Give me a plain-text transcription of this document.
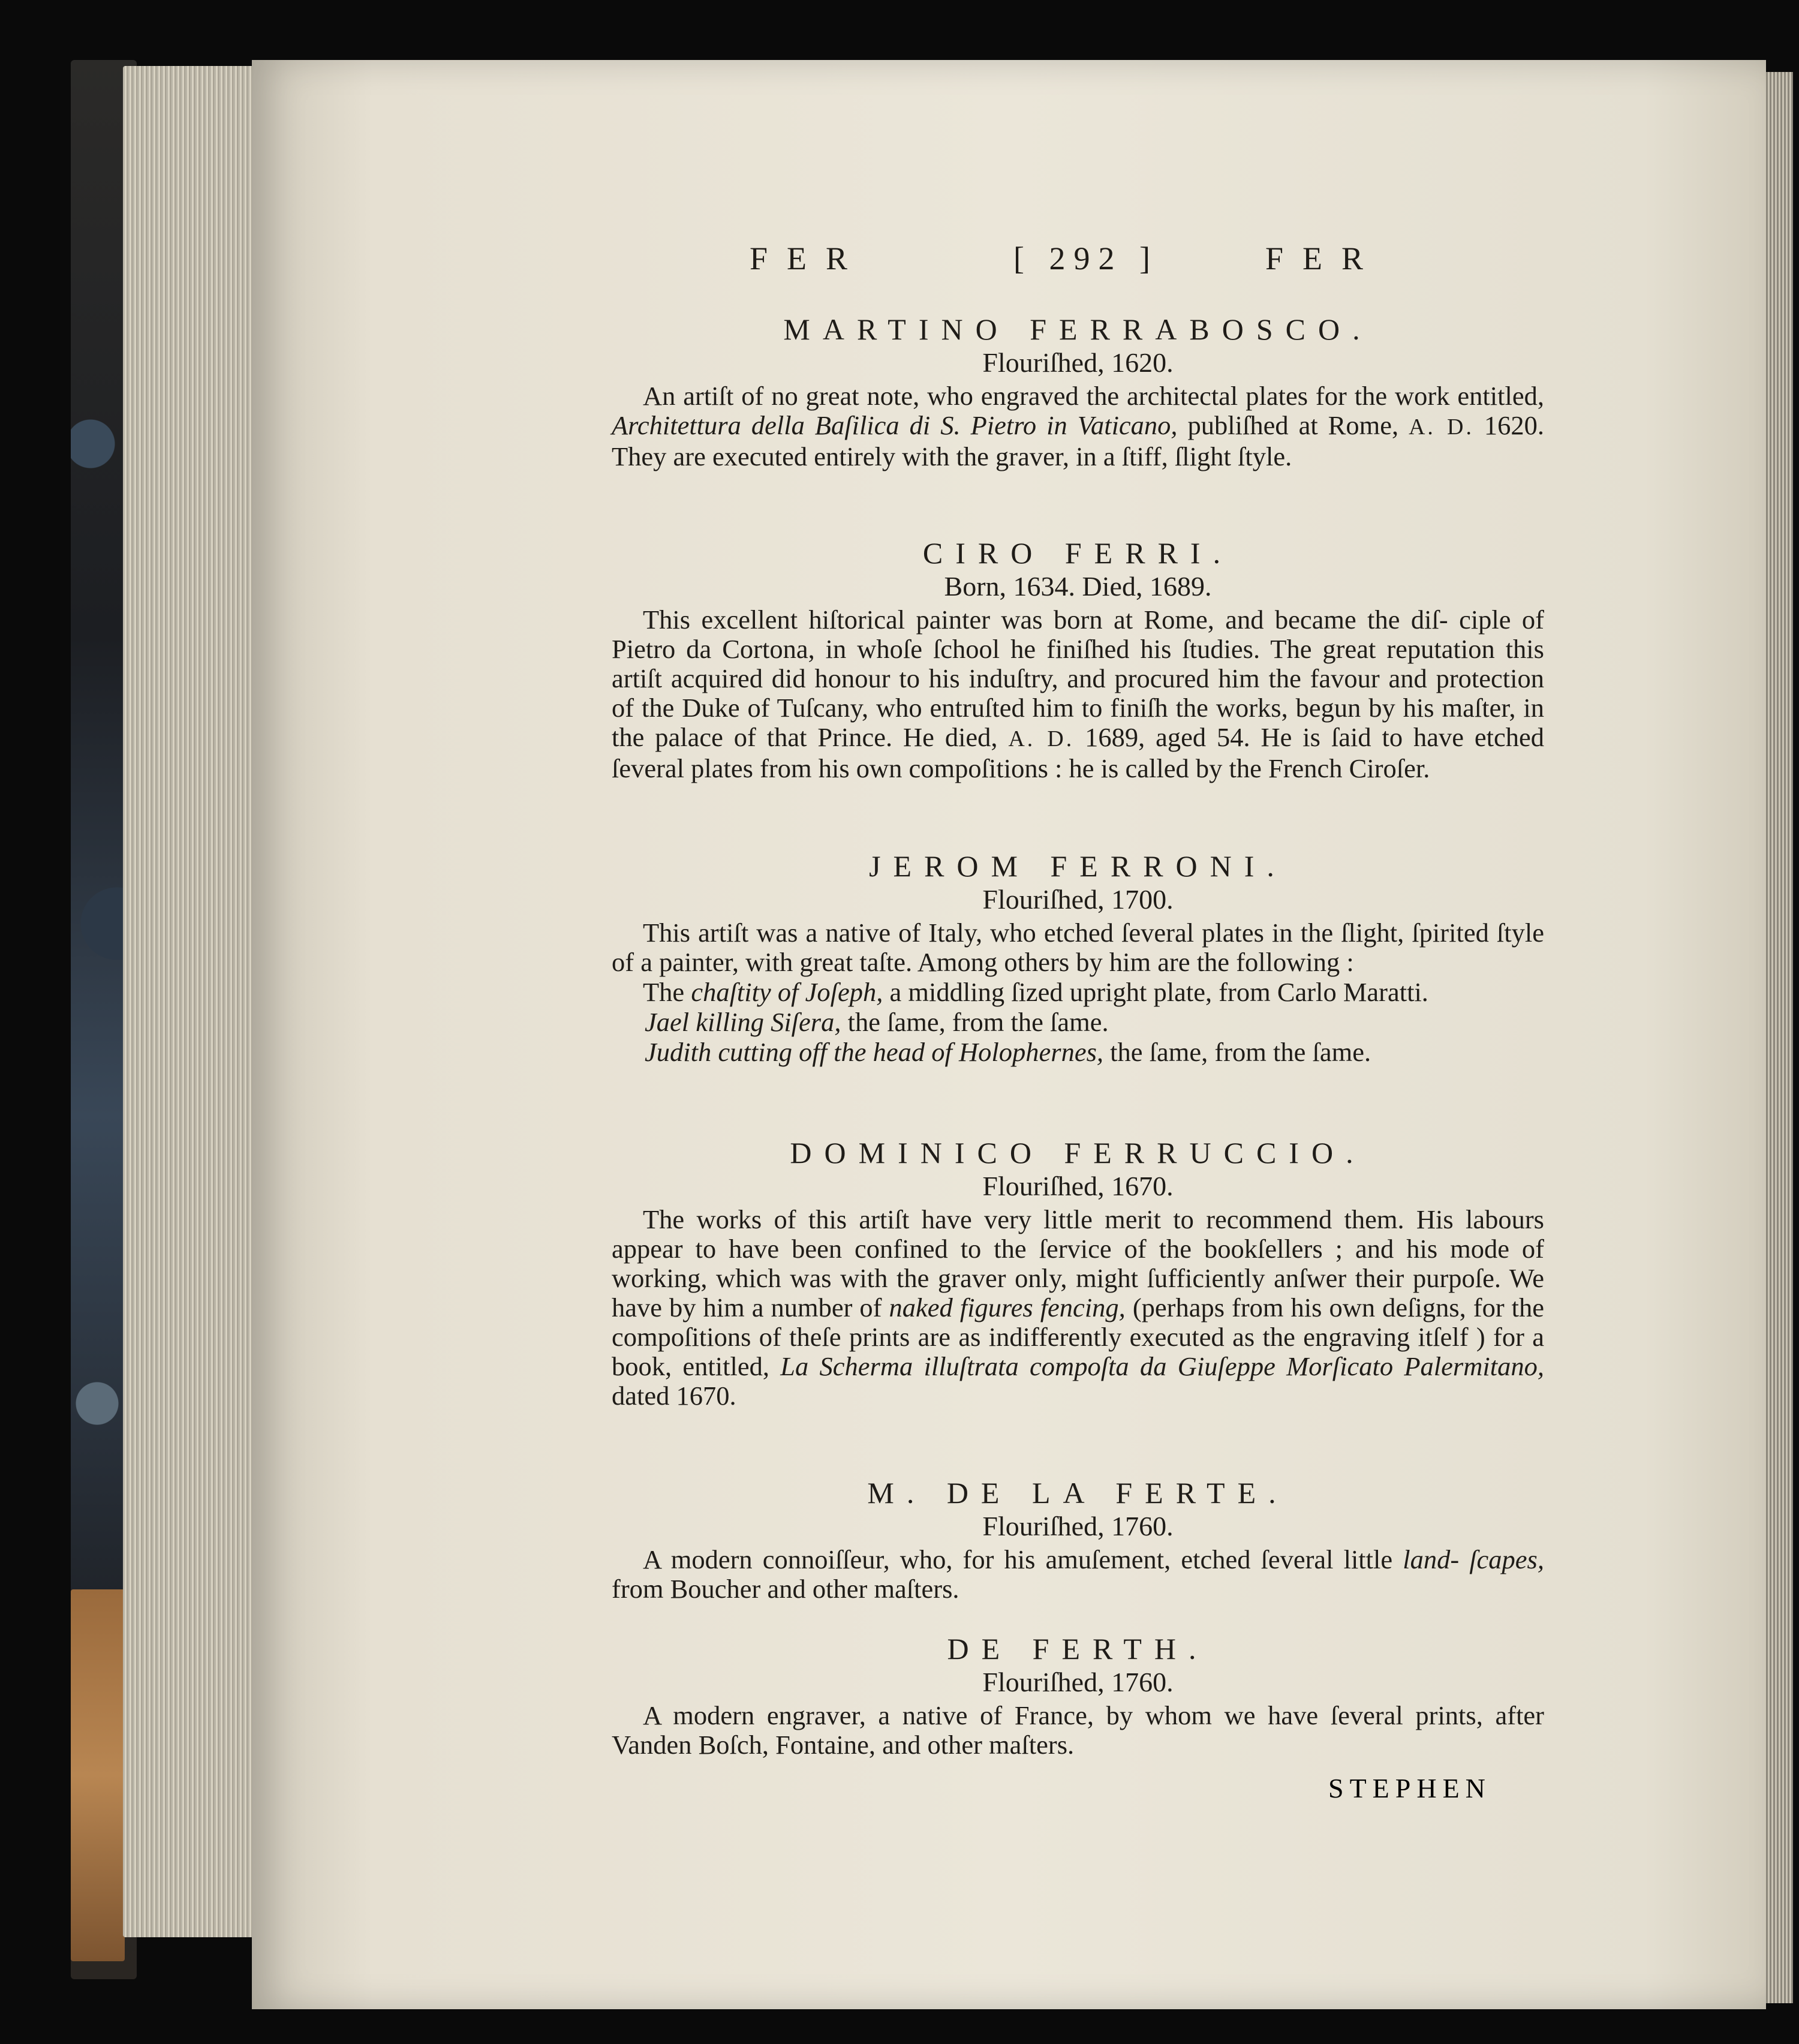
FER	[ 292 ]	FER
MARTINO FERRABOSCO.
Flouriſhed, 1620.

An artiſt of no great note, who engraved the architectal plates for the work entitled, Architettura della Baſilica di S. Pietro in Vaticano, publiſhed at Rome, A. D. 1620. They are executed entirely with the graver, in a ſtiff, ſlight ſtyle.

CIRO FERRI.
Born, 1634. Died, 1689.

This excellent hiſtorical painter was born at Rome, and became the diſ- ciple of Pietro da Cortona, in whoſe ſchool he finiſhed his ſtudies. The great reputation this artiſt acquired did honour to his induſtry, and procured him the favour and protection of the Duke of Tuſcany, who entruſted him to finiſh the works, begun by his maſter, in the palace of that Prince. He died, A. D. 1689, aged 54. He is ſaid to have etched ſeveral plates from his own compoſitions : he is called by the French Ciroſer.

JEROM FERRONI.
Flouriſhed, 1700.

This artiſt was a native of Italy, who etched ſeveral plates in the ſlight, ſpirited ſtyle of a painter, with great taſte. Among others by him are the following :

The chaſtity of Joſeph, a middling ſized upright plate, from Carlo Maratti.
Jael killing Siſera, the ſame, from the ſame.
Judith cutting off the head of Holophernes, the ſame, from the ſame.
DOMINICO FERRUCCIO.
Flouriſhed, 1670.

The works of this artiſt have very little merit to recommend them. His labours appear to have been confined to the ſervice of the bookſellers ; and his mode of working, which was with the graver only, might ſufficiently anſwer their purpoſe. We have by him a number of naked figures fencing, (perhaps from his own deſigns, for the compoſitions of theſe prints are as indifferently executed as the engraving itſelf ) for a book, entitled, La Scherma illuſtrata compoſta da Giuſeppe Morſicato Palermitano, dated 1670.

M. DE LA FERTE.
Flouriſhed, 1760.

A modern connoiſſeur, who, for his amuſement, etched ſeveral little land- ſcapes, from Boucher and other maſters.

DE FERTH.
Flouriſhed, 1760.

A modern engraver, a native of France, by whom we have ſeveral prints, after Vanden Boſch, Fontaine, and other maſters.

STEPHEN
